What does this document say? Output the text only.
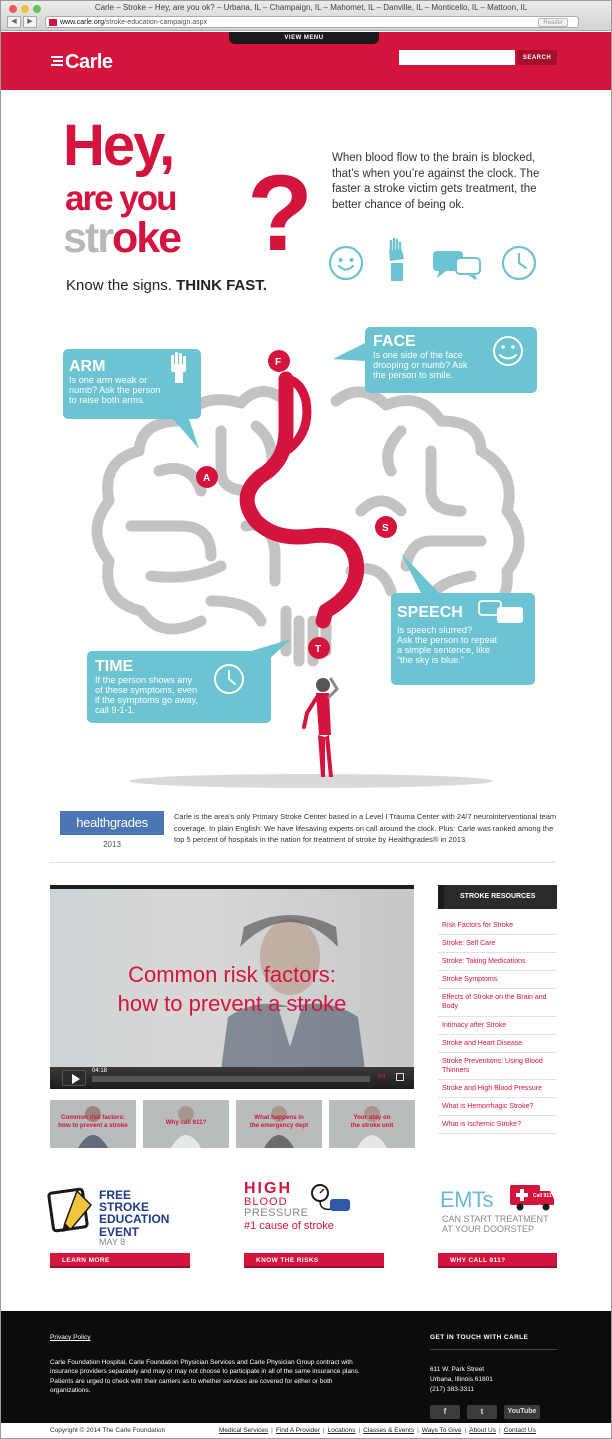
Carle – Stroke – Hey, are you ok? – Urbana, IL – Champaign, IL – Mahomet, IL – Danville, IL – Monticello, IL – Mattoon, IL
◀	▶	www.carle.org/stroke-education-campaign.aspx	Reader
VIEW MENU
Carle	SEARCH
Hey,
are you
stroke ?
Know the signs. THINK FAST.

When blood flow to the brain is blocked, that’s when you’re against the clock. The faster a stroke victim gets treatment, the better chance of being ok.

F
A
S
T
ARM
Is one arm weak or
numb? Ask the person
to raise both arms.
FACE
Is one side of the face
drooping or numb? Ask
the person to smile.
SPEECH
Is speech slurred?
Ask the person to repeat
a simple sentence, like
“the sky is blue.”
TIME
If the person shows any
of these symptoms, even
if the symptoms go away,
call 9-1-1.
healthgrades
2013

Carle is the area’s only Primary Stroke Center based in a Level I Trauma Center with 24/7 neurointerventional team coverage. In plain English: We have lifesaving experts on call around the clock. Plus: Carle was ranked among the top 5 percent of hospitals in the nation for treatment of stroke by Healthgrades® in 2013.

Common risk factors:
how to prevent a stroke
04:18
hd
Common risk factors:
how to prevent a stroke	Why call 911?
What happens in
the emergency dept
Your stay on
the stroke unit
STROKE RESOURCES
Risk Factors for Stroke
Stroke: Self Care
Stroke: Taking Medications
Stroke Symptoms
Effects of Stroke on the Brain and Body
Intimacy after Stroke
Stroke and Heart Disease
Stroke Preventions: Using Blood Thinners
Stroke and High Blood Pressure
What is Hemorrhagic Stroke?
What is Ischemic Stroke?
FREE STROKE
EDUCATION
EVENT
MAY 8
HIGH
BLOOD
PRESSURE
#1 cause of stroke
EMTs
CAN START TREATMENT
AT YOUR DOORSTEP
Call 911
LEARN MORE	KNOW THE RISKS	WHY CALL 911?
Privacy Policy

Carle Foundation Hospital, Carle Foundation Physician Services and Carle Physician Group contract with insurance providers separately and may or may not choose to participate in all of the same insurance plans. Patients are urged to check with their carriers as to whether services are covered for either or both organizations.

GET IN TOUCH WITH CARLE
611 W. Park Street
Urbana, Illinois 61801
(217) 383-3311
f	t	YouTube
Copyright © 2014 The Carle Foundation	Medical Services | Find A Provider | Locations | Classes & Events | Ways To Give | About Us | Contact Us
